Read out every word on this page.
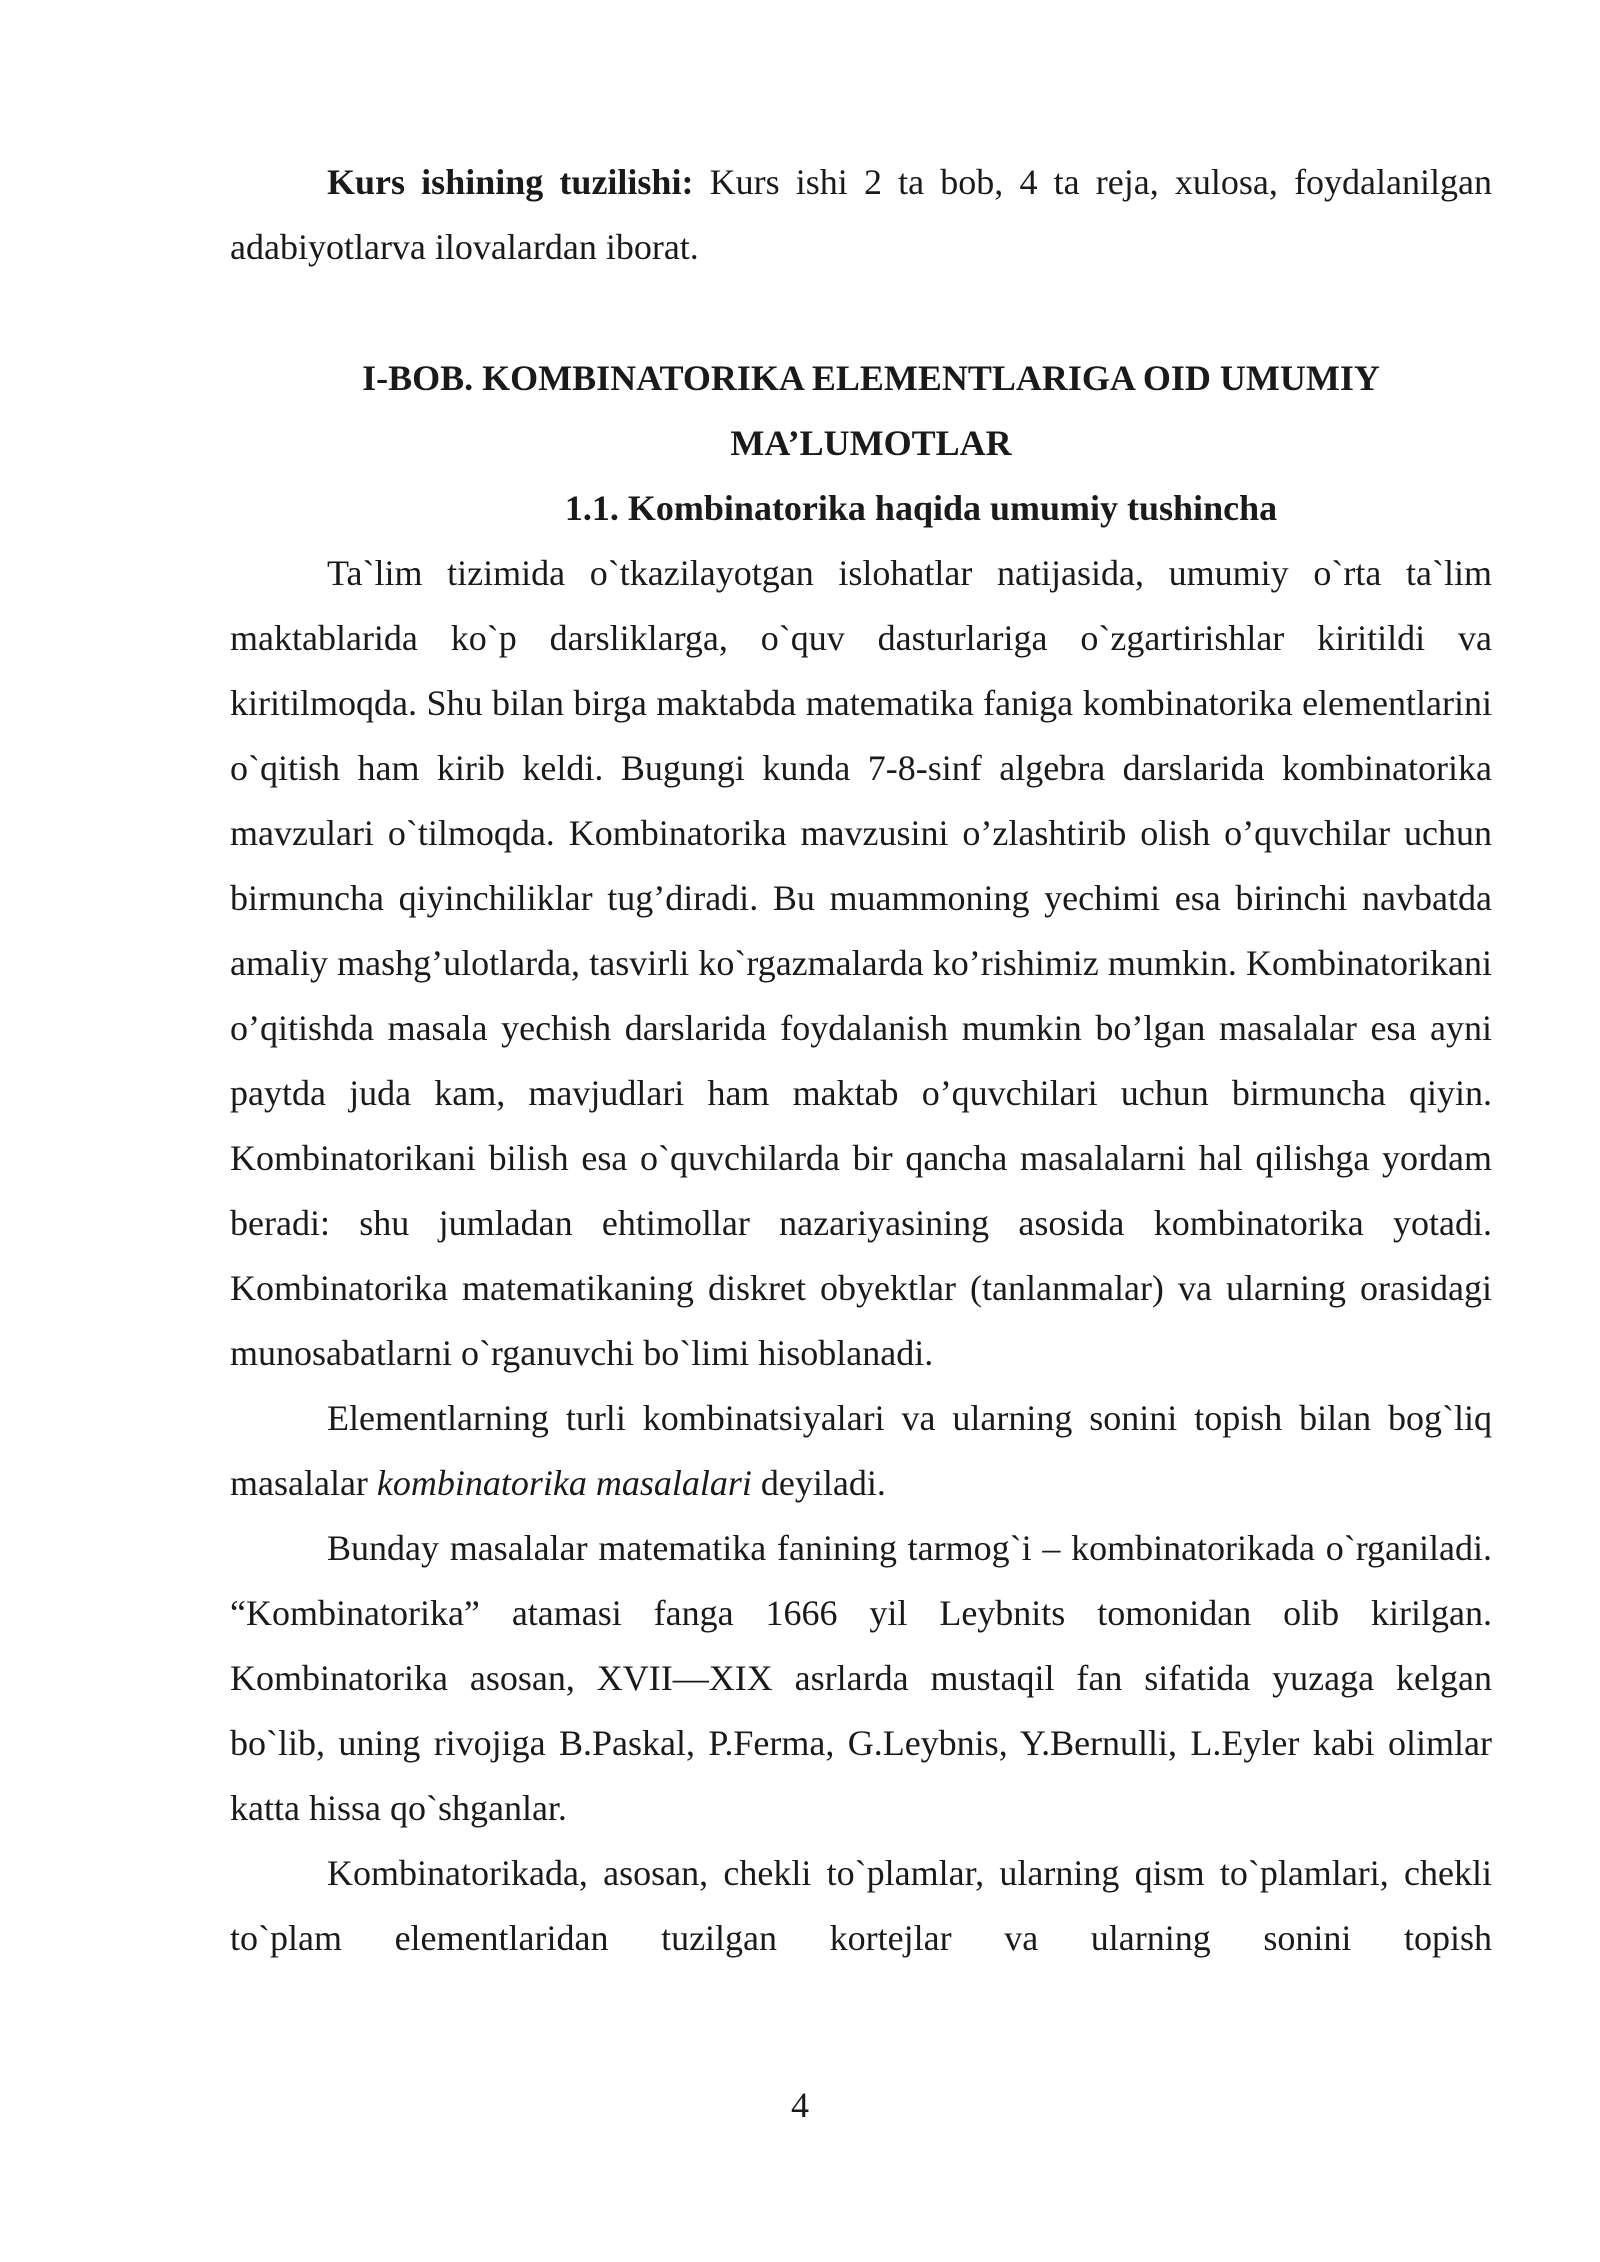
Kurs ishining tuzilishi: Kurs ishi 2 ta bob, 4 ta reja, xulosa, foydalanilgan adabiyotlarva ilovalardan iborat.

I-BOB. KOMBINATORIKA ELEMENTLARIGA OID UMUMIY
MA’LUMOTLAR
1.1. Kombinatorika haqida umumiy tushincha

Ta`lim tizimida o`tkazilayotgan islohatlar natijasida, umumiy o`rta ta`lim maktablarida ko`p darsliklarga, o`quv dasturlariga o`zgartirishlar kiritildi va kiritilmoqda. Shu bilan birga maktabda matematika faniga kombinatorika elementlarini o`qitish ham kirib keldi. Bugungi kunda 7-8-sinf algebra darslarida kombinatorika mavzulari o`tilmoqda. Kombinatorika mavzusini o’zlashtirib olish o’quvchilar uchun birmuncha qiyinchiliklar tug’diradi. Bu muammoning yechimi esa birinchi navbatda amaliy mashg’ulotlarda, tasvirli ko`rgazmalarda ko’rishimiz mumkin. Kombinatorikani o’qitishda masala yechish darslarida foydalanish mumkin bo’lgan masalalar esa ayni paytda juda kam, mavjudlari ham maktab o’quvchilari uchun birmuncha qiyin. Kombinatorikani bilish esa o`quvchilarda bir qancha masalalarni hal qilishga yordam beradi: shu jumladan ehtimollar nazariyasining asosida kombinatorika yotadi. Kombinatorika matematikaning diskret obyektlar (tanlanmalar) va ularning orasidagi munosabatlarni o`rganuvchi bo`limi hisoblanadi.

Elementlarning turli kombinatsiyalari va ularning sonini topish bilan bog`liq masalalar kombinatorika masalalari deyiladi.

Bunday masalalar matematika fanining tarmog`i – kombinatorikada o`rganiladi. “Kombinatorika” atamasi fanga 1666 yil Leybnits tomonidan olib kirilgan. Kombinatorika asosan, XVII—XIX asrlarda mustaqil fan sifatida yuzaga kelgan bo`lib, uning rivojiga B.Paskal, P.Ferma, G.Leybnis, Y.Bernulli, L.Eyler kabi olimlar katta hissa qo`shganlar.

Kombinatorikada, asosan, chekli to`plamlar, ularning qism to`plamlari, chekli to`plam elementlaridan tuzilgan kortejlar va ularning sonini topish

4
